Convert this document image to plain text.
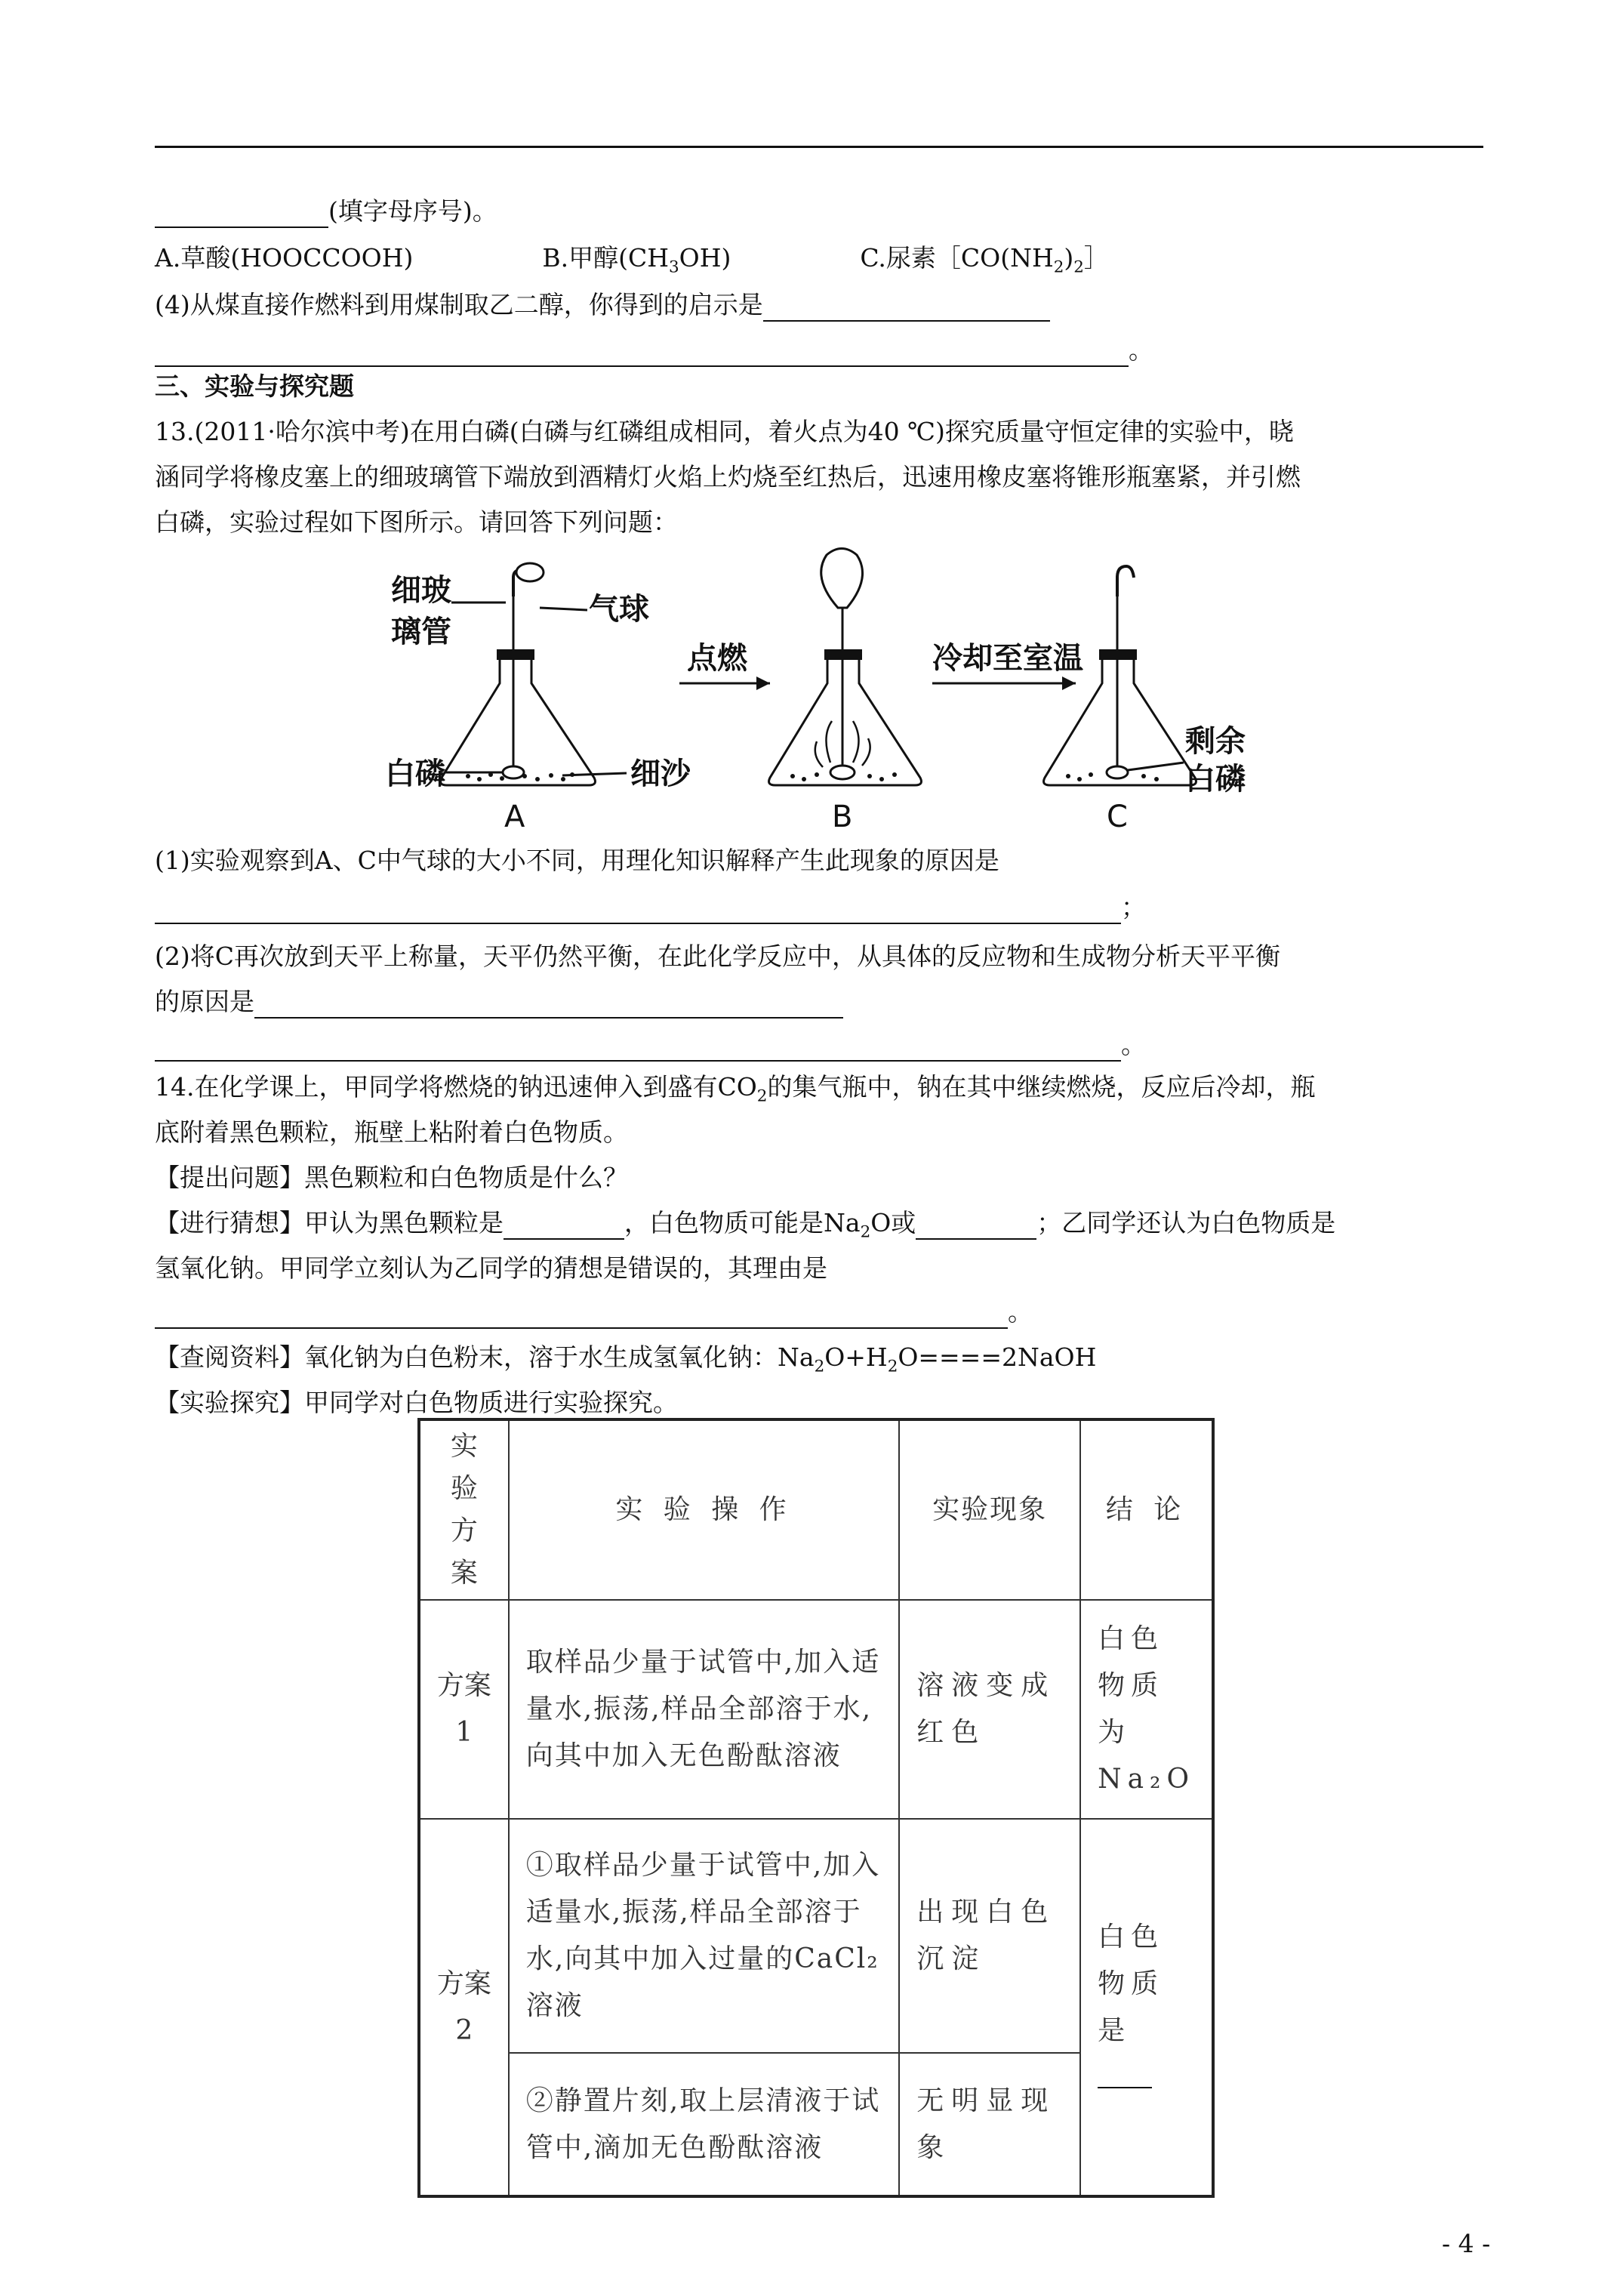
(填字母序号)。
A.草酸(HOOCCOOH)	B.甲醇$(CH_3OH)$	C.尿素$[CO(NH_2)_2]$
(4)从煤直接作燃料到用煤制取乙二醇，你得到的启示是
。
三、实验与探究题
13.(2011·哈尔滨中考)在用白磷(白磷与红磷组成相同，着火点为40 ℃)探究质量守恒定律的实验中，晓
涵同学将橡皮塞上的细玻璃管下端放到酒精灯火焰上灼烧至红热后，迅速用橡皮塞将锥形瓶塞紧，并引燃
白磷，实验过程如下图所示。请回答下列问题：
细玻
璃管
气球
白磷	细沙
A
点燃
B
冷却至室温
剩余
白磷
C
(1)实验观察到A、C中气球的大小不同，用理化知识解释产生此现象的原因是
；
(2)将C再次放到天平上称量，天平仍然平衡，在此化学反应中，从具体的反应物和生成物分析天平平衡
的原因是
。
14.在化学课上，甲同学将燃烧的钠迅速伸入到盛有$CO_2$的集气瓶中，钠在其中继续燃烧，反应后冷却，瓶
底附着黑色颗粒，瓶壁上粘附着白色物质。
【提出问题】黑色颗粒和白色物质是什么？
【进行猜想】甲认为黑色颗粒是	，白色物质可能是$Na_2O$或	；乙同学还认为白色物质是
氢氧化钠。甲同学立刻认为乙同学的猜想是错误的，其理由是
。
【查阅资料】氧化钠为白色粉末，溶于水生成氢氧化钠：$Na_2O+H_2O====2NaOH$
【实验探究】甲同学对白色物质进行实验探究。
实验方案	实 验 操 作	实验现象	结 论
方案 1	取样品少量于试管中,加入适量水,振荡,样品全部溶于水,向其中加入无色酚酞溶液	溶液变成红色	白色物质为Na₂O
方案 2	①取样品少量于试管中,加入适量水,振荡,样品全部溶于水,向其中加入过量的CaCl₂ 溶液	出现白色沉淀	白色物质是

	②静置片刻,取上层清液于试管中,滴加无色酚酞溶液	无明显现象	
- 4 -
